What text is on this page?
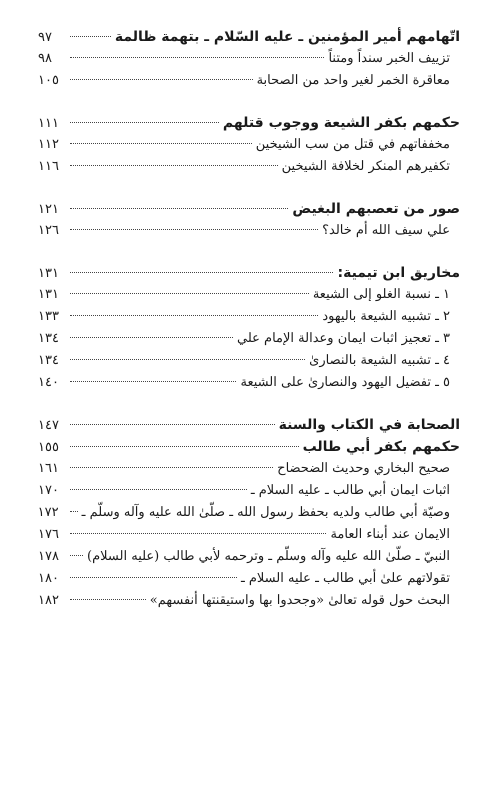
اتّهامهم أمير المؤمنين ـ عليه السّلام ـ بتهمة ظالمة
٩٧
تزييف الخبر سنداً ومتناً
٩٨
معاقرة الخمر لغير واحد من الصحابة
١٠٥
حكمهم بكفر الشيعة ووجوب قتلهم
١١١
مخففاتهم في قتل من سب الشيخين
١١٢
تكفيرهم المنكر لخلافة الشيخين
١١٦
صور من تعصبهم البغيض
١٢١
علي سيف الله أم خالد؟
١٢٦
مخاريق ابن تيمية:
١٣١
١ ـ نسبة الغلو إلى الشيعة
١٣١
٢ ـ تشبيه الشيعة باليهود
١٣٣
٣ ـ تعجيز اثبات ايمان وعدالة الإمام علي
١٣٤
٤ ـ تشبيه الشيعة بالنصارىٰ
١٣٤
٥ ـ تفضيل اليهود والنصارىٰ على الشيعة
١٤٠
الصحابة في الكتاب والسنة
١٤٧
حكمهم بكفر أبي طالب
١٥٥
صحيح البخاري وحديث الضحضاح
١٦١
اثبات ايمان أبي طالب ـ عليه السلام ـ
١٧٠
وصيّة أبي طالب ولديه بحفظ رسول الله ـ صلّىٰ الله عليه وآله وسلّم ـ
١٧٢
الايمان عند أبناء العامة
١٧٦
النبيّ ـ صلّىٰ الله عليه وآله وسلّم ـ وترحمه لأبي طالب (عليه السلام)
١٧٨
تقولاتهم علىٰ أبي طالب ـ عليه السلام ـ
١٨٠
البحث حول قوله تعالىٰ «وجحدوا بها واستيقنتها أنفسهم»
١٨٢
